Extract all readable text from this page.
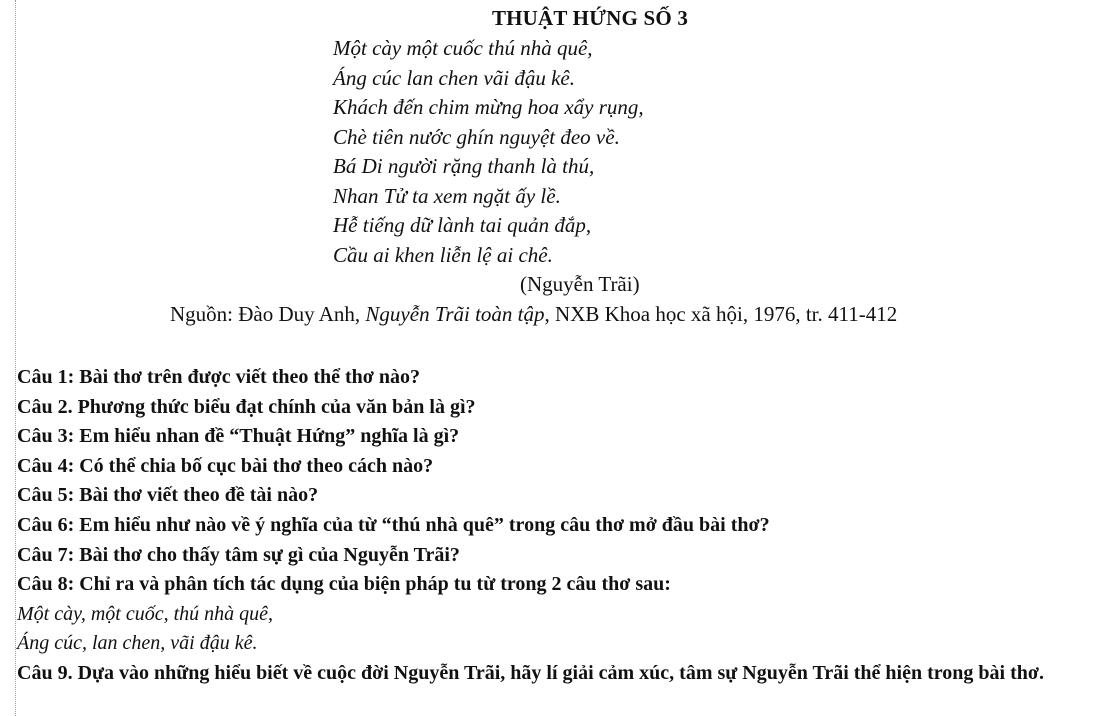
THUẬT HỨNG SỐ 3
Một cày một cuốc thú nhà quê,
Áng cúc lan chen vãi đậu kê.
Khách đến chim mừng hoa xẩy rụng,
Chè tiên nước ghín nguyệt đeo về.
Bá Di người rặng thanh là thú,
Nhan Tử ta xem ngặt ấy lề.
Hễ tiếng dữ lành tai quản đắp,
Cầu ai khen liễn lệ ai chê.
(Nguyễn Trãi)
Nguồn: Đào Duy Anh, Nguyễn Trãi toàn tập, NXB Khoa học xã hội, 1976, tr. 411-412
Câu 1: Bài thơ trên được viết theo thể thơ nào?
Câu 2. Phương thức biểu đạt chính của văn bản là gì?
Câu 3: Em hiểu nhan đề “Thuật Hứng” nghĩa là gì?
Câu 4: Có thể chia bố cục bài thơ theo cách nào?
Câu 5: Bài thơ viết theo đề tài nào?
Câu 6: Em hiểu như nào về ý nghĩa của từ “thú nhà quê” trong câu thơ mở đầu bài thơ?
Câu 7: Bài thơ cho thấy tâm sự gì của Nguyễn Trãi?
Câu 8: Chỉ ra và phân tích tác dụng của biện pháp tu từ trong 2 câu thơ sau:
Một cày, một cuốc, thú nhà quê,
Áng cúc, lan chen, vãi đậu kê.
Câu 9. Dựa vào những hiểu biết về cuộc đời Nguyễn Trãi, hãy lí giải cảm xúc, tâm sự Nguyễn Trãi thể hiện trong bài thơ.
